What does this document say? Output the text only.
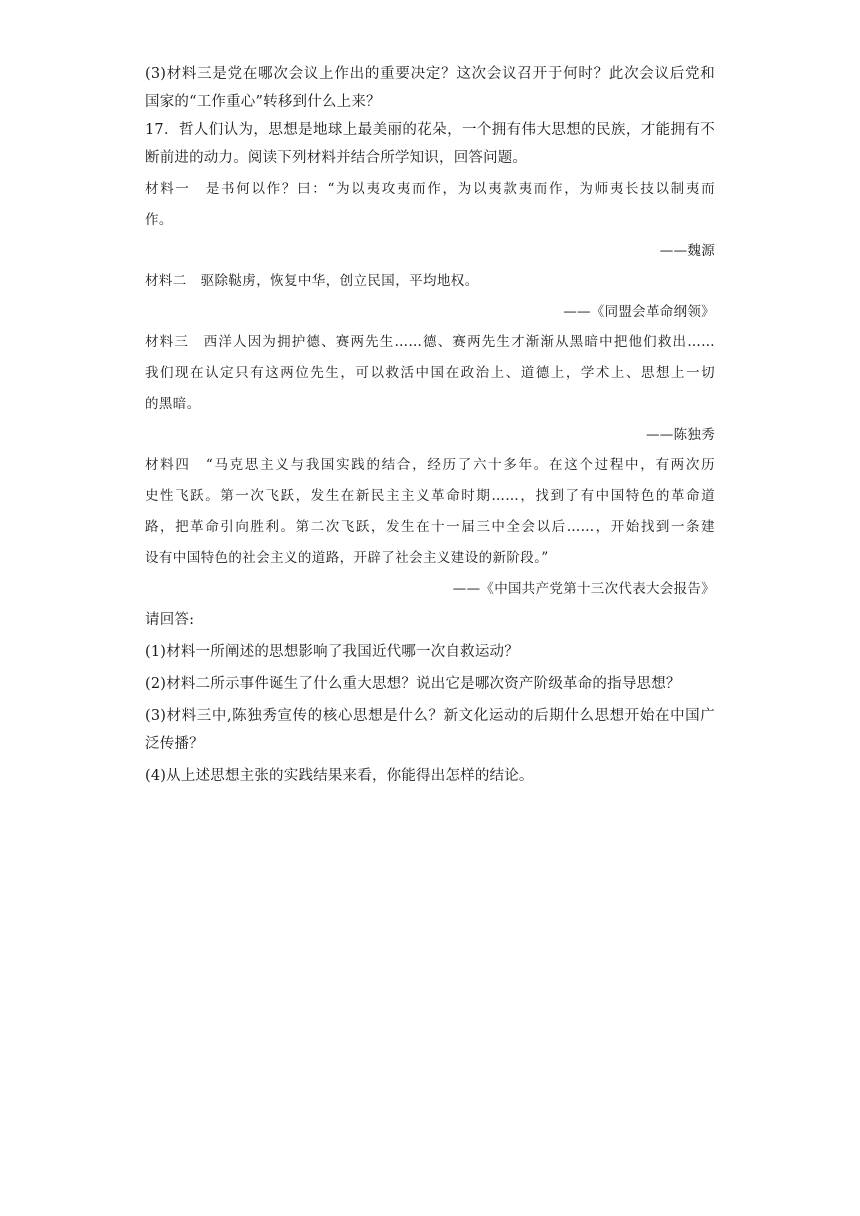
(3)材料三是党在哪次会议上作出的重要决定？这次会议召开于何时？此次会议后党和
国家的“工作重心”转移到什么上来？
17．哲人们认为，思想是地球上最美丽的花朵，一个拥有伟大思想的民族，才能拥有不
断前进的动力。阅读下列材料并结合所学知识，回答问题。
材料一　是书何以作？曰：“为以夷攻夷而作，为以夷款夷而作，为师夷长技以制夷而
作。
——魏源
材料二　驱除鞑虏，恢复中华，创立民国，平均地权。
——《同盟会革命纲领》
材料三　西洋人因为拥护德、赛两先生……德、赛两先生才渐渐从黑暗中把他们救出……
我们现在认定只有这两位先生，可以救活中国在政治上、道德上，学术上、思想上一切
的黑暗。
——陈独秀
材料四　“马克思主义与我国实践的结合，经历了六十多年。在这个过程中，有两次历
史性飞跃。第一次飞跃，发生在新民主主义革命时期……，找到了有中国特色的革命道
路，把革命引向胜利。第二次飞跃，发生在十一届三中全会以后……，开始找到一条建
设有中国特色的社会主义的道路，开辟了社会主义建设的新阶段。”
——《中国共产党第十三次代表大会报告》
请回答:
(1)材料一所阐述的思想影响了我国近代哪一次自救运动？
(2)材料二所示事件诞生了什么重大思想？说出它是哪次资产阶级革命的指导思想？
(3)材料三中,陈独秀宣传的核心思想是什么？新文化运动的后期什么思想开始在中国广
泛传播？
(4)从上述思想主张的实践结果来看，你能得出怎样的结论。
